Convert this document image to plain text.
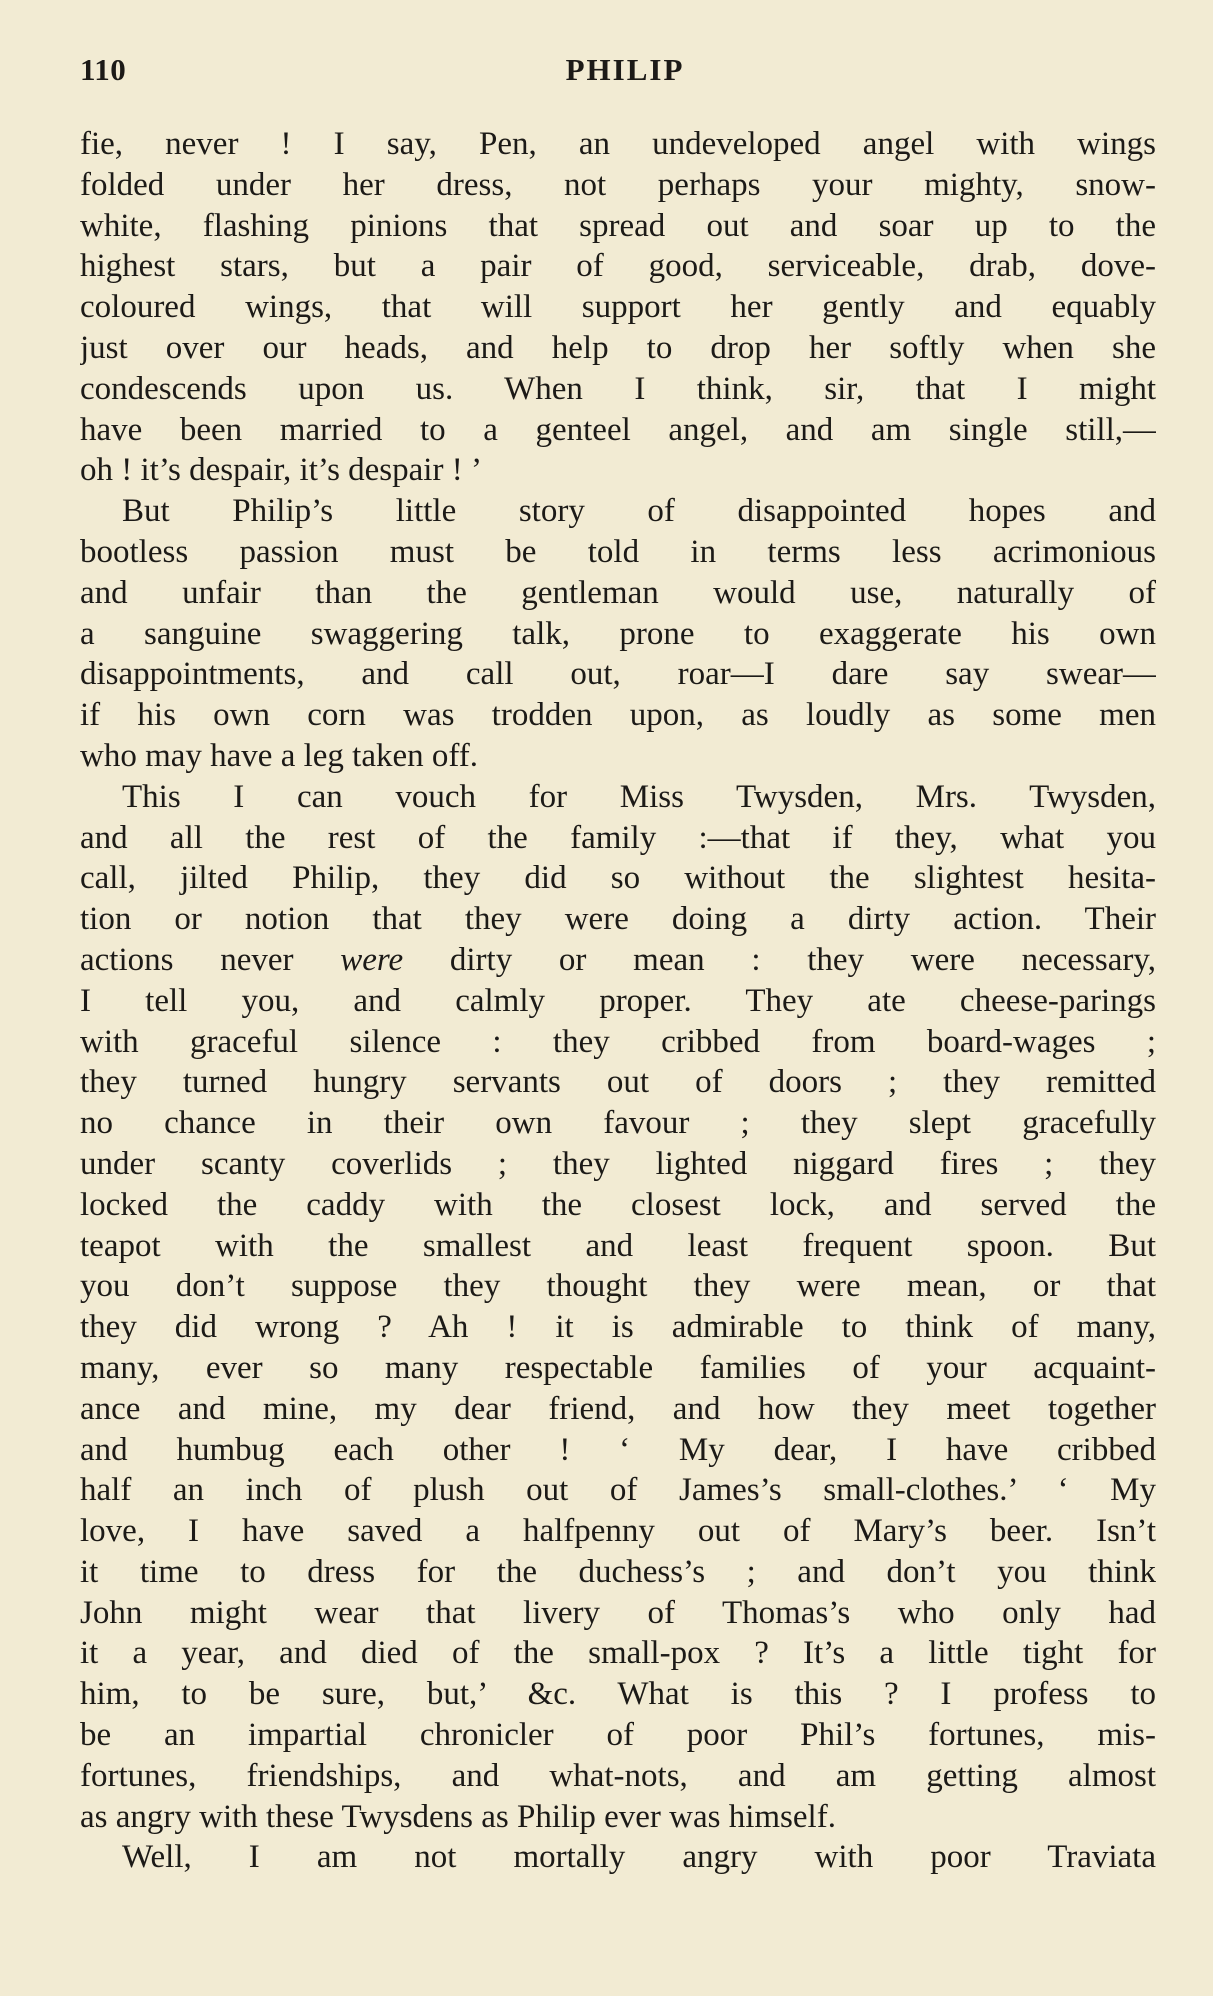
110	PHILIP
fie, never ! I say, Pen, an undeveloped angel with wings
folded under her dress, not perhaps your mighty, snow-
white, flashing pinions that spread out and soar up to the
highest stars, but a pair of good, serviceable, drab, dove-
coloured wings, that will support her gently and equably
just over our heads, and help to drop her softly when she
condescends upon us. When I think, sir, that I might
have been married to a genteel angel, and am single still,—
oh ! it’s despair, it’s despair ! ’
But Philip’s little story of disappointed hopes and
bootless passion must be told in terms less acrimonious
and unfair than the gentleman would use, naturally of
a sanguine swaggering talk, prone to exaggerate his own
disappointments, and call out, roar—I dare say swear—
if his own corn was trodden upon, as loudly as some men
who may have a leg taken off.
This I can vouch for Miss Twysden, Mrs. Twysden,
and all the rest of the family :—that if they, what you
call, jilted Philip, they did so without the slightest hesita-
tion or notion that they were doing a dirty action. Their
actions never were dirty or mean : they were necessary,
I tell you, and calmly proper. They ate cheese-parings
with graceful silence : they cribbed from board-wages ;
they turned hungry servants out of doors ; they remitted
no chance in their own favour ; they slept gracefully
under scanty coverlids ; they lighted niggard fires ; they
locked the caddy with the closest lock, and served the
teapot with the smallest and least frequent spoon. But
you don’t suppose they thought they were mean, or that
they did wrong ? Ah ! it is admirable to think of many,
many, ever so many respectable families of your acquaint-
ance and mine, my dear friend, and how they meet together
and humbug each other ! ‘ My dear, I have cribbed
half an inch of plush out of James’s small-clothes.’ ‘ My
love, I have saved a halfpenny out of Mary’s beer. Isn’t
it time to dress for the duchess’s ; and don’t you think
John might wear that livery of Thomas’s who only had
it a year, and died of the small-pox ? It’s a little tight for
him, to be sure, but,’ &c. What is this ? I profess to
be an impartial chronicler of poor Phil’s fortunes, mis-
fortunes, friendships, and what-nots, and am getting almost
as angry with these Twysdens as Philip ever was himself.
Well, I am not mortally angry with poor Traviata
